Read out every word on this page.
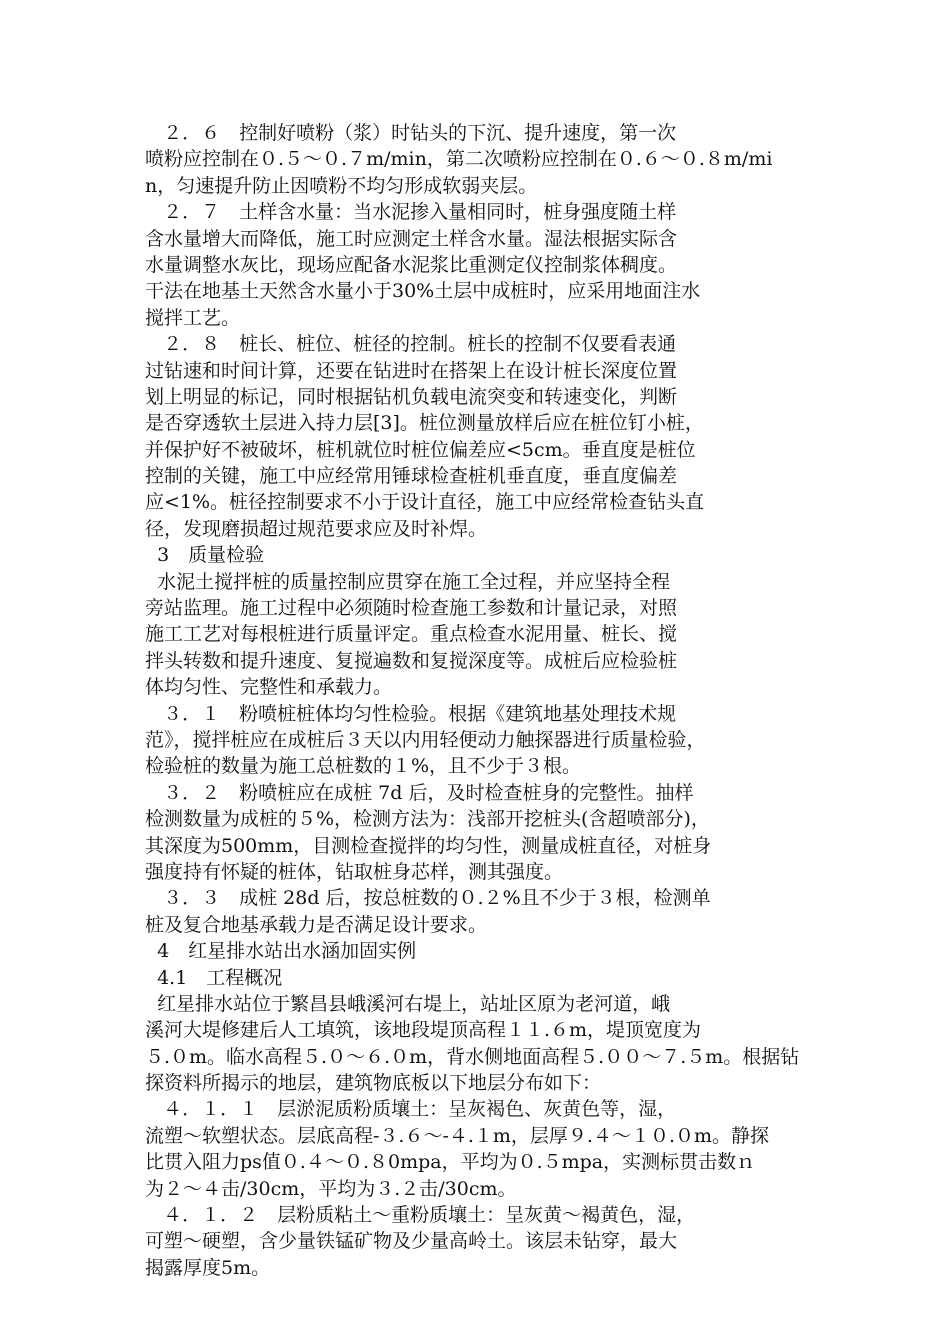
２．６　控制好喷粉（浆）时钻头的下沉、提升速度，第一次
喷粉应控制在０.５～０.７m/min，第二次喷粉应控制在０.６～０.８m/mi
n，匀速提升防止因喷粉不均匀形成软弱夹层。
２．７　土样含水量：当水泥掺入量相同时，桩身强度随土样
含水量增大而降低，施工时应测定土样含水量。湿法根据实际含
水量调整水灰比，现场应配备水泥浆比重测定仪控制浆体稠度。
干法在地基土天然含水量小于30%土层中成桩时，应采用地面注水
搅拌工艺。
２．８　桩长、桩位、桩径的控制。桩长的控制不仅要看表通
过钻速和时间计算，还要在钻进时在搭架上在设计桩长深度位置
划上明显的标记，同时根据钻机负载电流突变和转速变化，判断
是否穿透软土层进入持力层[3]。桩位测量放样后应在桩位钉小桩，
并保护好不被破坏，桩机就位时桩位偏差应<5cm。垂直度是桩位
控制的关键，施工中应经常用锤球检查桩机垂直度，垂直度偏差
应<1%。桩径控制要求不小于设计直径，施工中应经常检查钻头直
径，发现磨损超过规范要求应及时补焊。
3　质量检验
水泥土搅拌桩的质量控制应贯穿在施工全过程，并应坚持全程
旁站监理。施工过程中必须随时检查施工参数和计量记录，对照
施工工艺对每根桩进行质量评定。重点检查水泥用量、桩长、搅
拌头转数和提升速度、复搅遍数和复搅深度等。成桩后应检验桩
体均匀性、完整性和承载力。
３．１　粉喷桩桩体均匀性检验。根据《建筑地基处理技术规
范》，搅拌桩应在成桩后３天以内用轻便动力触探器进行质量检验，
检验桩的数量为施工总桩数的１%，且不少于３根。
３．２　粉喷桩应在成桩 7d 后，及时检查桩身的完整性。抽样
检测数量为成桩的５%，检测方法为：浅部开挖桩头(含超喷部分)，
其深度为500mm，目测检查搅拌的均匀性，测量成桩直径，对桩身
强度持有怀疑的桩体，钻取桩身芯样，测其强度。
３．３　成桩 28d 后，按总桩数的０.２%且不少于３根，检测单
桩及复合地基承载力是否满足设计要求。
4　红星排水站出水涵加固实例
4.1　工程概况
红星排水站位于繁昌县峨溪河右堤上，站址区原为老河道，峨
溪河大堤修建后人工填筑，该地段堤顶高程１１.６m，堤顶宽度为
５.０m。临水高程５.０～６.０m，背水侧地面高程５.００～７.５m。根据钻
探资料所揭示的地层，建筑物底板以下地层分布如下：
４．１．１　层淤泥质粉质壤土：呈灰褐色、灰黄色等，湿，
流塑～软塑状态。层底高程-３.６～-４.１m，层厚９.４～１０.０m。静探
比贯入阻力ps值０.４～０.８0mpa，平均为０.５mpa，实测标贯击数ｎ
为２～４击/30cm，平均为３.２击/30cm。
４．１．２　层粉质粘土～重粉质壤土：呈灰黄～褐黄色，湿，
可塑～硬塑，含少量铁锰矿物及少量高岭土。该层未钻穿，最大
揭露厚度5m。
